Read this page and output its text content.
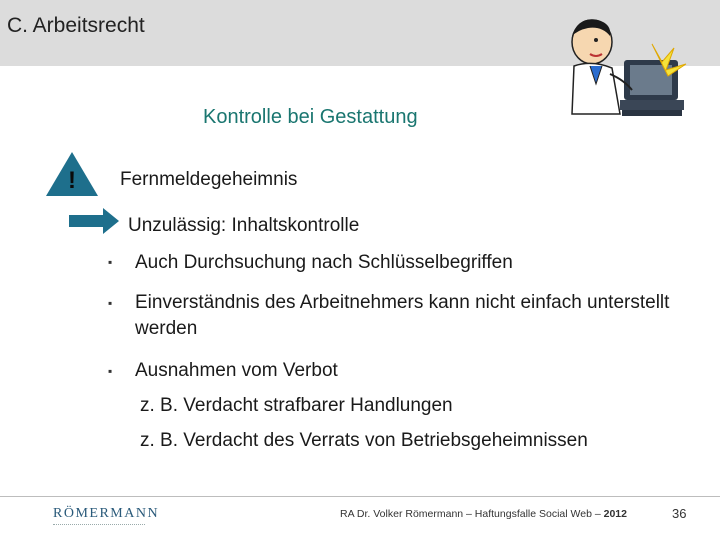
C. Arbeitsrecht
Kontrolle bei Gestattung
! Fernmeldegeheimnis
Unzulässig: Inhaltskontrolle
▪	Auch Durchsuchung nach Schlüsselbegriffen
▪	Einverständnis des Arbeitnehmers kann nicht einfach unterstellt werden
▪	Ausnahmen vom Verbot
z. B. Verdacht strafbarer Handlungen
z. B. Verdacht des Verrats von Betriebsgeheimnissen
RÖMERMANN	RA Dr. Volker Römermann – Haftungsfalle Social Web – 2012	36
